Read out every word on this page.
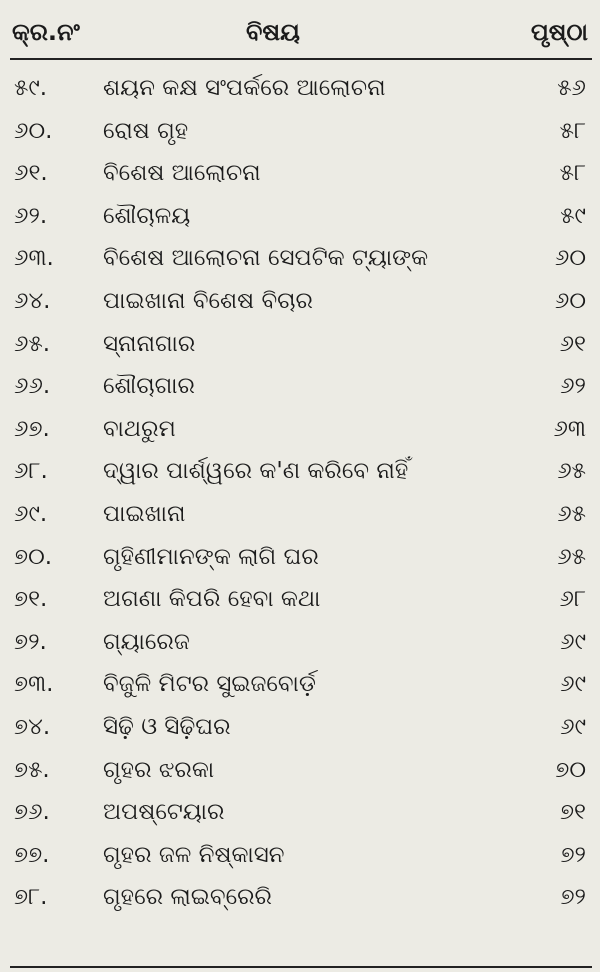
କ୍ର.ନଂ	ବିଷୟ	ପୃଷ୍ଠା
୫୯. ଶୟନ କକ୍ଷ ସଂପର୍କରେ ଆଲୋଚନା	୫୬
୬୦. ରୋଷ ଗୃହ	୫୮
୬୧. ବିଶେଷ ଆଲୋଚନା	୫୮
୬୨. ଶୌଚାଳୟ	୫୯
୬୩. ବିଶେଷ ଆଲୋଚନା ସେପଟିକ ଟ୍ୟାଙ୍କ	୬୦
୬୪. ପାଇଖାନା ବିଶେଷ ବିଚାର	୬୦
୬୫. ସ୍ନାନାଗାର	୬୧
୬୬. ଶୌଚାଗାର	୬୨
୬୭. ବାଥରୁମ	୬୩
୬୮. ଦ୍ୱାର ପାର୍ଶ୍ୱରେ କ'ଣ କରିବେ ନାହିଁ	୬୫
୬୯. ପାଇଖାନା	୬୫
୭୦. ଗୃହିଣୀମାନଙ୍କ ଲାଗି ଘର	୬୫
୭୧. ଅଗଣା କିପରି ହେବା କଥା	୬୮
୭୨. ଗ୍ୟାରେଜ	୬୯
୭୩. ବିଜୁଳି ମିଟର ସୁଇଜବୋର୍ଡ଼	୬୯
୭୪. ସିଢ଼ି ଓ ସିଢ଼ିଘର	୬୯
୭୫. ଗୃହର ଝରକା	୭୦
୭୬. ଅପଷ୍ଟେୟାର	୭୧
୭୭. ଗୃହର ଜଳ ନିଷ୍କାସନ	୭୨
୭୮. ଗୃହରେ ଲାଇବ୍ରେରି	୭୨
